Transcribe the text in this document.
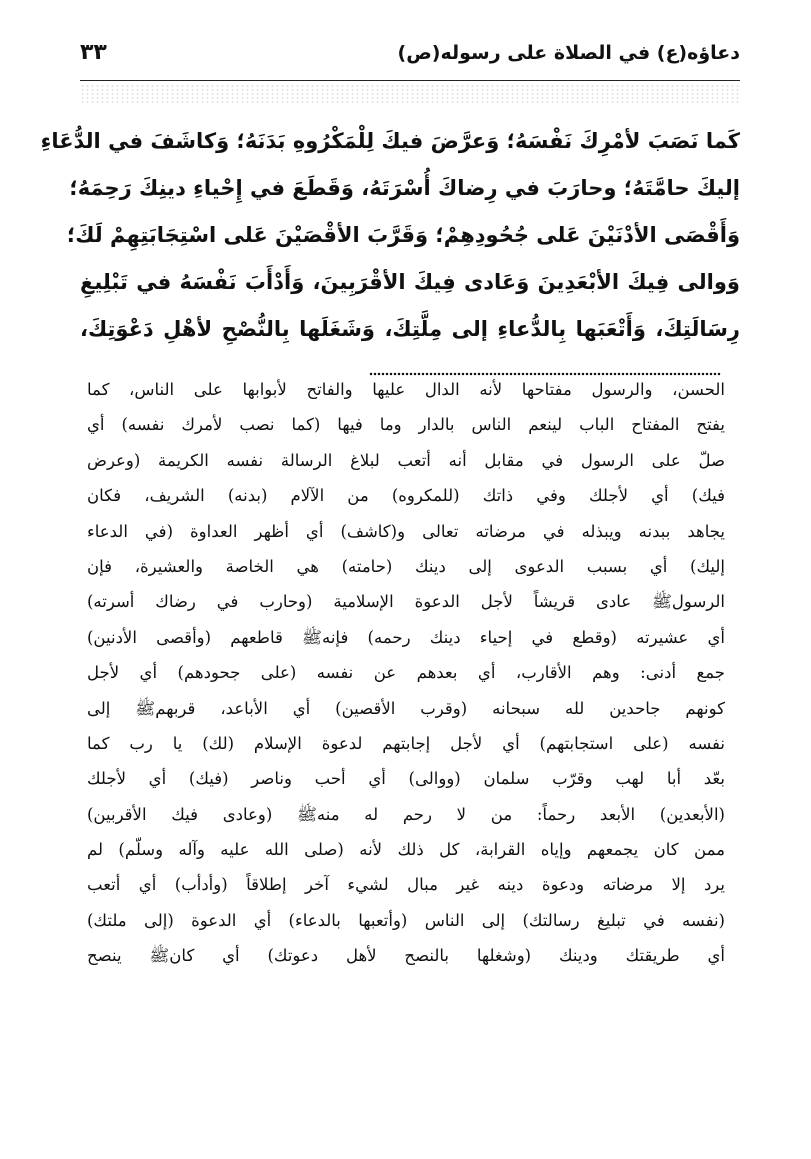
دعاؤه(ع) في الصلاة على رسوله(ص)
٣٣
كَما نَصَبَ لأمْرِكَ نَفْسَهُ؛ وَعرَّضَ فيكَ لِلْمَكْرُوهِ بَدَنَهُ؛ وَكاشَفَ في الدُّعَاءِ
إليكَ حامَّتَهُ؛ وحارَبَ في رِضاكَ أُسْرَتَهُ، وَقَطَعَ في إِحْياءِ دينِكَ رَحِمَهُ؛
وَأَقْصَى الأدْنَيْنَ عَلى جُحُودِهِمْ؛ وَقَرَّبَ الأقْصَيْنَ عَلى اسْتِجَابَتِهِمْ لَكَ؛
وَوالى فِيكَ الأبْعَدِينَ وَعَادى فِيكَ الأقْرَبِينَ، وَأَدْأَبَ نَفْسَهُ في تَبْلِيغِ
رِسَالَتِكَ، وَأَتْعَبَها بِالدُّعاءِ إلى مِلَّتِكَ، وَشَغَلَها بِالنُّصْحِ لأهْلِ دَعْوَتِكَ،
الحسن، والرسول مفتاحها لأنه الدال عليها والفاتح لأبوابها على الناس، كما
يفتح المفتاح الباب لينعم الناس بالدار وما فيها (كما نصب لأمرك نفسه) أي
صلّ على الرسول في مقابل أنه أتعب لبلاغ الرسالة نفسه الكريمة (وعرض
فيك) أي لأجلك وفي ذاتك (للمكروه) من الآلام (بدنه) الشريف، فكان
يجاهد ببدنه ويبذله في مرضاته تعالى و(كاشف) أي أظهر العداوة (في الدعاء
إليك) أي بسبب الدعوى إلى دينك (حامته) هي الخاصة والعشيرة، فإن
الرسولﷺ عادى قريشاً لأجل الدعوة الإسلامية (وحارب في رضاك أسرته)
أي عشيرته (وقطع في إحياء دينك رحمه) فإنهﷺ قاطعهم (وأقصى الأدنين)
جمع أدنى: وهم الأقارب، أي بعدهم عن نفسه (على جحودهم) أي لأجل
كونهم جاحدين لله سبحانه (وقرب الأقصين) أي الأباعد، قربهمﷺ إلى
نفسه (على استجابتهم) أي لأجل إجابتهم لدعوة الإسلام (لك) يا رب كما
بعّد أبا لهب وقرّب سلمان (ووالى) أي أحب وناصر (فيك) أي لأجلك
(الأبعدين) الأبعد رحماً: من لا رحم له منهﷺ (وعادى فيك الأقربين)
ممن كان يجمعهم وإياه القرابة، كل ذلك لأنه (صلى الله عليه وآله وسلّم) لم
يرد إلا مرضاته ودعوة دينه غير مبال لشيء آخر إطلاقاً (وأدأب) أي أتعب
(نفسه في تبليغ رسالتك) إلى الناس (وأتعبها بالدعاء) أي الدعوة (إلى ملتك)
أي طريقتك ودينك (وشغلها بالنصح لأهل دعوتك) أي كانﷺ ينصح
